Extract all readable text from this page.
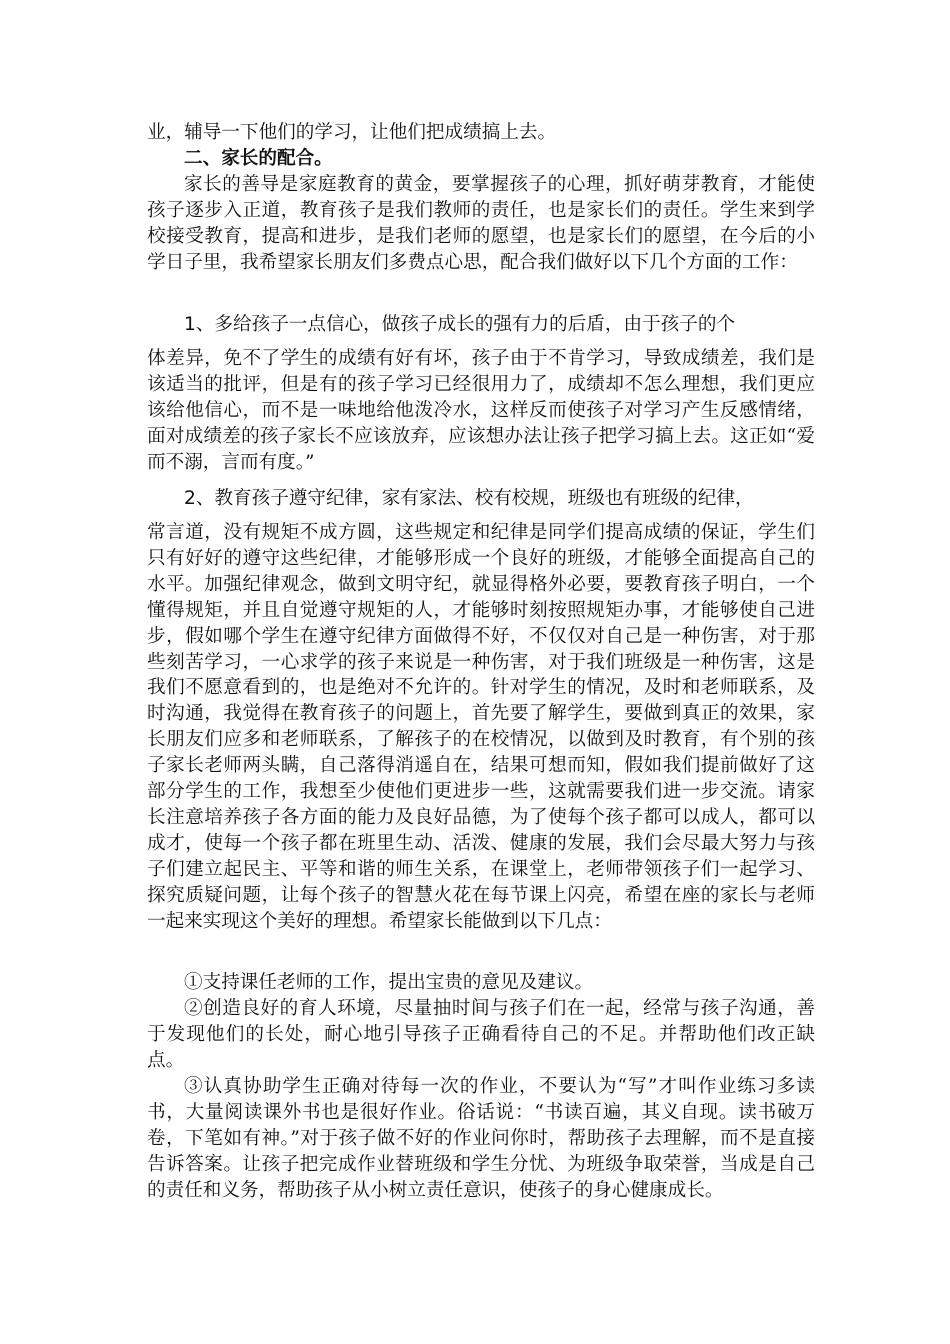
业，辅导一下他们的学习，让他们把成绩搞上去。

二、家长的配合。

家长的善导是家庭教育的黄金，要掌握孩子的心理，抓好萌芽教育，才能使孩子逐步入正道，教育孩子是我们教师的责任，也是家长们的责任。学生来到学校接受教育，提高和进步，是我们老师的愿望，也是家长们的愿望，在今后的小学日子里，我希望家长朋友们多费点心思，配合我们做好以下几个方面的工作：

1、多给孩子一点信心，做孩子成长的强有力的后盾，由于孩子的个

体差异，免不了学生的成绩有好有坏，孩子由于不肯学习，导致成绩差，我们是该适当的批评，但是有的孩子学习已经很用力了，成绩却不怎么理想，我们更应该给他信心，而不是一味地给他泼冷水，这样反而使孩子对学习产生反感情绪，面对成绩差的孩子家长不应该放弃，应该想办法让孩子把学习搞上去。这正如“爱而不溺，言而有度。”

2、教育孩子遵守纪律，家有家法、校有校规，班级也有班级的纪律，

常言道，没有规矩不成方圆，这些规定和纪律是同学们提高成绩的保证，学生们只有好好的遵守这些纪律，才能够形成一个良好的班级，才能够全面提高自己的水平。加强纪律观念，做到文明守纪，就显得格外必要，要教育孩子明白，一个懂得规矩，并且自觉遵守规矩的人，才能够时刻按照规矩办事，才能够使自己进步，假如哪个学生在遵守纪律方面做得不好，不仅仅对自己是一种伤害，对于那些刻苦学习，一心求学的孩子来说是一种伤害，对于我们班级是一种伤害，这是我们不愿意看到的，也是绝对不允许的。针对学生的情况，及时和老师联系，及时沟通，我觉得在教育孩子的问题上，首先要了解学生，要做到真正的效果，家长朋友们应多和老师联系，了解孩子的在校情况，以做到及时教育，有个别的孩子家长老师两头瞒，自己落得消遥自在，结果可想而知，假如我们提前做好了这部分学生的工作，我想至少使他们更进步一些，这就需要我们进一步交流。请家长注意培养孩子各方面的能力及良好品德，为了使每个孩子都可以成人，都可以成才，使每一个孩子都在班里生动、活泼、健康的发展，我们会尽最大努力与孩子们建立起民主、平等和谐的师生关系，在课堂上，老师带领孩子们一起学习、探究质疑问题，让每个孩子的智慧火花在每节课上闪亮，希望在座的家长与老师一起来实现这个美好的理想。希望家长能做到以下几点：

①支持课任老师的工作，提出宝贵的意见及建议。

②创造良好的育人环境，尽量抽时间与孩子们在一起，经常与孩子沟通，善于发现他们的长处，耐心地引导孩子正确看待自己的不足。并帮助他们改正缺点。

③认真协助学生正确对待每一次的作业，不要认为“写”才叫作业练习多读书，大量阅读课外书也是很好作业。俗话说：“书读百遍，其义自现。读书破万卷，下笔如有神。”对于孩子做不好的作业问你时，帮助孩子去理解，而不是直接告诉答案。让孩子把完成作业替班级和学生分忧、为班级争取荣誉，当成是自己的责任和义务，帮助孩子从小树立责任意识，使孩子的身心健康成长。
